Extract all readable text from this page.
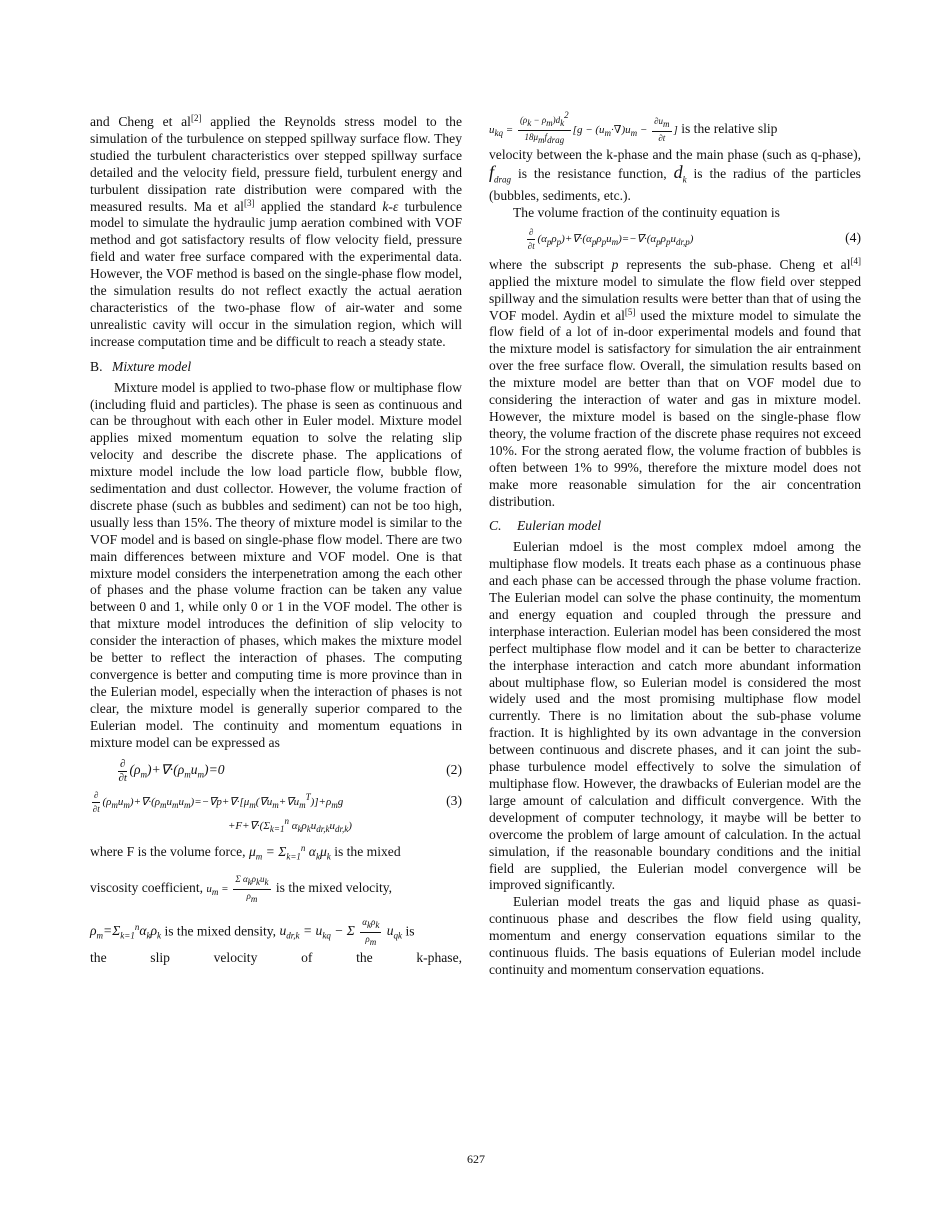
and Cheng et al[2] applied the Reynolds stress model to the simulation of the turbulence on stepped spillway surface flow. They studied the turbulent characteristics over stepped spillway surface detailed and the velocity field, pressure field, turbulent energy and turbulent dissipation rate distribution were compared with the measured results. Ma et al[3] applied the standard k-ε turbulence model to simulate the hydraulic jump aeration combined with VOF method and got satisfactory results of flow velocity field, pressure field and water free surface compared with the experimental data. However, the VOF method is based on the single-phase flow model, the simulation results do not reflect exactly the actual aeration characteristics of the two-phase flow of air-water and some unrealistic cavity will occur in the simulation region, which will increase computation time and be difficult to reach a steady state.

B. Mixture model

Mixture model is applied to two-phase flow or multiphase flow (including fluid and particles). The phase is seen as continuous and can be throughout with each other in Euler model. Mixture model applies mixed momentum equation to solve the relating slip velocity and describe the discrete phase. The applications of mixture model include the low load particle flow, bubble flow, sedimentation and dust collector. However, the volume fraction of discrete phase (such as bubbles and sediment) can not be too high, usually less than 15%. The theory of mixture model is similar to the VOF model and is based on single-phase flow model. There are two main differences between mixture and VOF model. One is that mixture model considers the interpenetration among the each other of phases and the phase volume fraction can be taken any value between 0 and 1, while only 0 or 1 in the VOF model. The other is that mixture model introduces the definition of slip velocity to consider the interaction of phases, which makes the mixture model be better to reflect the interaction of phases. The computing convergence is better and computing time is more province than in the Eulerian model, especially when the interaction of phases is not clear, the mixture model is generally superior compared to the Eulerian model. The continuity and momentum equations in mixture model can be expressed as

$\frac{\partial}{\partial t} (\rho_m)+\nabla\cdot(\rho_mu_m)=0$	(2)
$\frac{\partial}{\partial t} (\rho_mu_m)+\nabla\cdot(\rho_mu_mu_m)=-\nabla p+\nabla\cdot[\mu_m(\nabla u_m+\nabla u_m^T)]+\rho_mg$	(3)
$+F+\nabla\cdot(\Sigma_{k=1}^n$ $\alpha_k\rho_ku_{dr,k}u_{dr,k}$)

where F is the volume force, $\mu_m = \Sigma_{k=1}^n$ $\alpha_k\mu_k$ is the mixed

viscosity coefficient, $u_m = \frac{\Sigma \alpha_k\rho_ku_k}{\rho_m}$ is the mixed velocity,

$\rho_m=\Sigma_{k=1}^n\alpha_k\rho_k$ is the mixed density, $u_{dr,k} = u_{kq} - \Sigma \frac{\alpha_k\rho_k}{\rho_m} u_{qk}$ is

the	slip	velocity	of	the	k-phase,

$u_{kq} = \frac{(\rho_k - \rho_m)d_k^2}{18\mu_mf_{drag}} [g - (u_m\cdot\nabla)u_m - \frac{\partial u_m}{\partial t}$ ] is the relative slip

velocity between the k-phase and the main phase (such as q-phase), $f_{drag}$ is the resistance function, $d_k$ is the radius of the particles (bubbles, sediments, etc.).

The volume fraction of the continuity equation is

$\frac{\partial}{\partial t} (\alpha_p\rho_p)+\nabla\cdot(\alpha_p\rho_pu_m)=-\nabla\cdot(\alpha_p\rho_pu_{dr,p})$	(4)

where the subscript p represents the sub-phase. Cheng et al[4] applied the mixture model to simulate the flow field over stepped spillway and the simulation results were better than that of using the VOF model. Aydin et al[5] used the mixture model to simulate the flow field of a lot of in-door experimental models and found that the mixture model is satisfactory for simulation the air entrainment over the free surface flow. Overall, the simulation results based on the mixture model are better than that on VOF model due to considering the interaction of water and gas in mixture model. However, the mixture model is based on the single-phase flow theory, the volume fraction of the discrete phase requires not exceed 10%. For the strong aerated flow, the volume fraction of bubbles is often between 1% to 99%, therefore the mixture model does not make more reasonable simulation for the air concentration distribution.

C. Eulerian model

Eulerian mdoel is the most complex mdoel among the multiphase flow models. It treats each phase as a continuous phase and each phase can be accessed through the phase volume fraction. The Eulerian model can solve the phase continuity, the momentum and energy equation and coupled through the pressure and interphase interaction. Eulerian model has been considered the most perfect multiphase flow model and it can be better to characterize the interphase interaction and catch more abundant information about multiphase flow, so Eulerian model is considered the most widely used and the most promising multiphase flow model currently. There is no limitation about the sub-phase volume fraction. It is highlighted by its own advantage in the conversion between continuous and discrete phases, and it can joint the sub-phase turbulence model effectively to solve the simulation of multiphase flow. However, the drawbacks of Eulerian model are the large amount of calculation and difficult convergence. With the development of computer technology, it maybe will be better to overcome the problem of large amount of calculation. In the actual simulation, if the reasonable boundary conditions and the initial field are supplied, the Eulerian model convergence will be improved significantly.

Eulerian model treats the gas and liquid phase as quasi-continuous phase and describes the flow field using quality, momentum and energy conservation equations similar to the continuous fluids. The basis equations of Eulerian model include continuity and momentum conservation equations.

627
